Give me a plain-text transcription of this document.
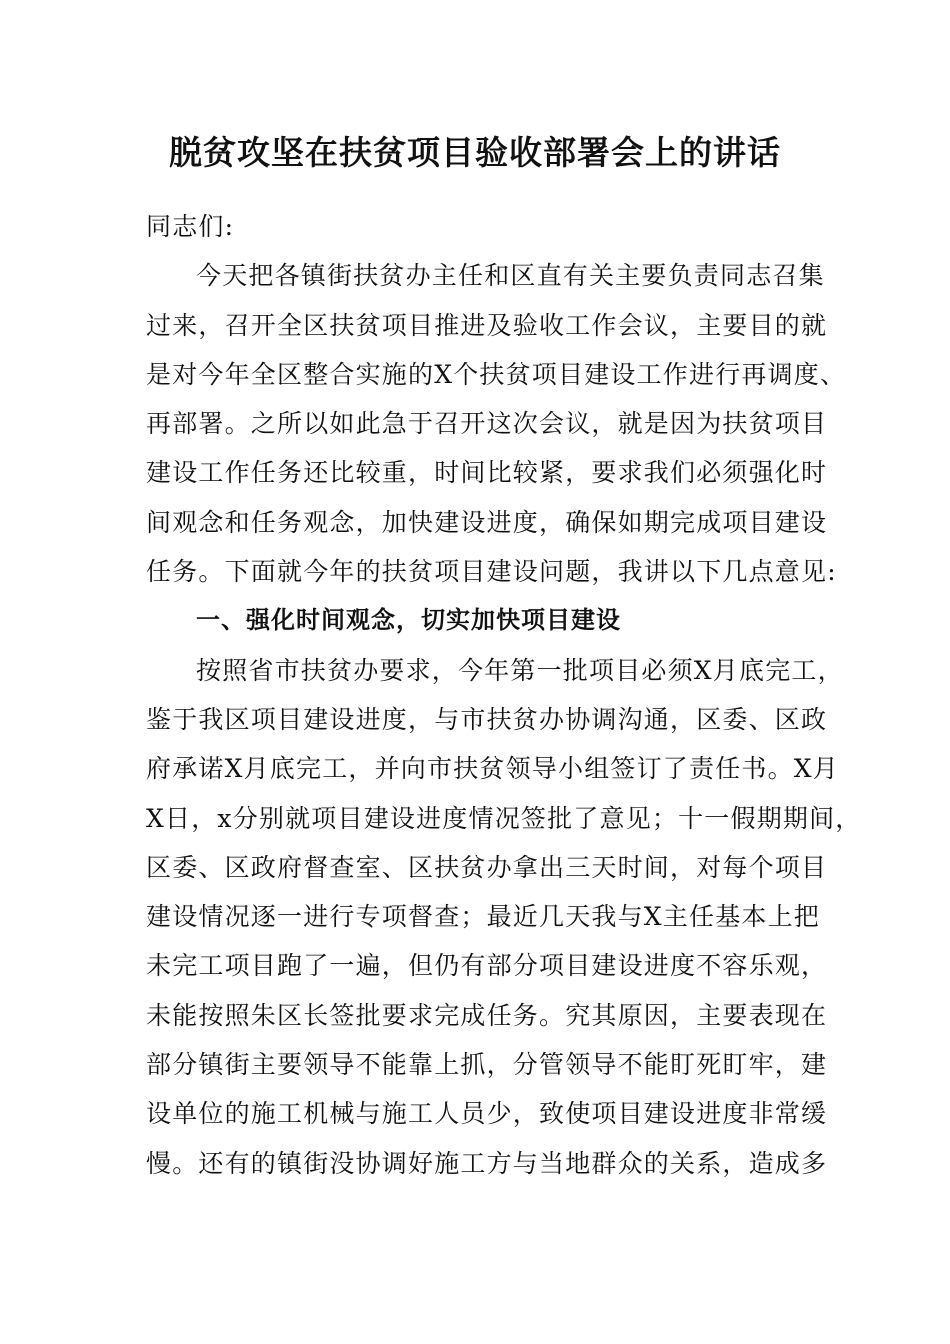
脱贫攻坚在扶贫项目验收部署会上的讲话
同志们:
今天把各镇街扶贫办主任和区直有关主要负责同志召集
过来，召开全区扶贫项目推进及验收工作会议，主要目的就
是对今年全区整合实施的X个扶贫项目建设工作进行再调度、
再部署。之所以如此急于召开这次会议，就是因为扶贫项目
建设工作任务还比较重，时间比较紧，要求我们必须强化时
间观念和任务观念，加快建设进度，确保如期完成项目建设
任务。下面就今年的扶贫项目建设问题，我讲以下几点意见:
一、强化时间观念，切实加快项目建设
按照省市扶贫办要求，今年第一批项目必须X月底完工，
鉴于我区项目建设进度，与市扶贫办协调沟通，区委、区政
府承诺X月底完工，并向市扶贫领导小组签订了责任书。X月
X日，x分别就项目建设进度情况签批了意见；十一假期期间，
区委、区政府督查室、区扶贫办拿出三天时间，对每个项目
建设情况逐一进行专项督查；最近几天我与X主任基本上把
未完工项目跑了一遍，但仍有部分项目建设进度不容乐观，
未能按照朱区长签批要求完成任务。究其原因，主要表现在
部分镇街主要领导不能靠上抓，分管领导不能盯死盯牢，建
设单位的施工机械与施工人员少，致使项目建设进度非常缓
慢。还有的镇街没协调好施工方与当地群众的关系，造成多
